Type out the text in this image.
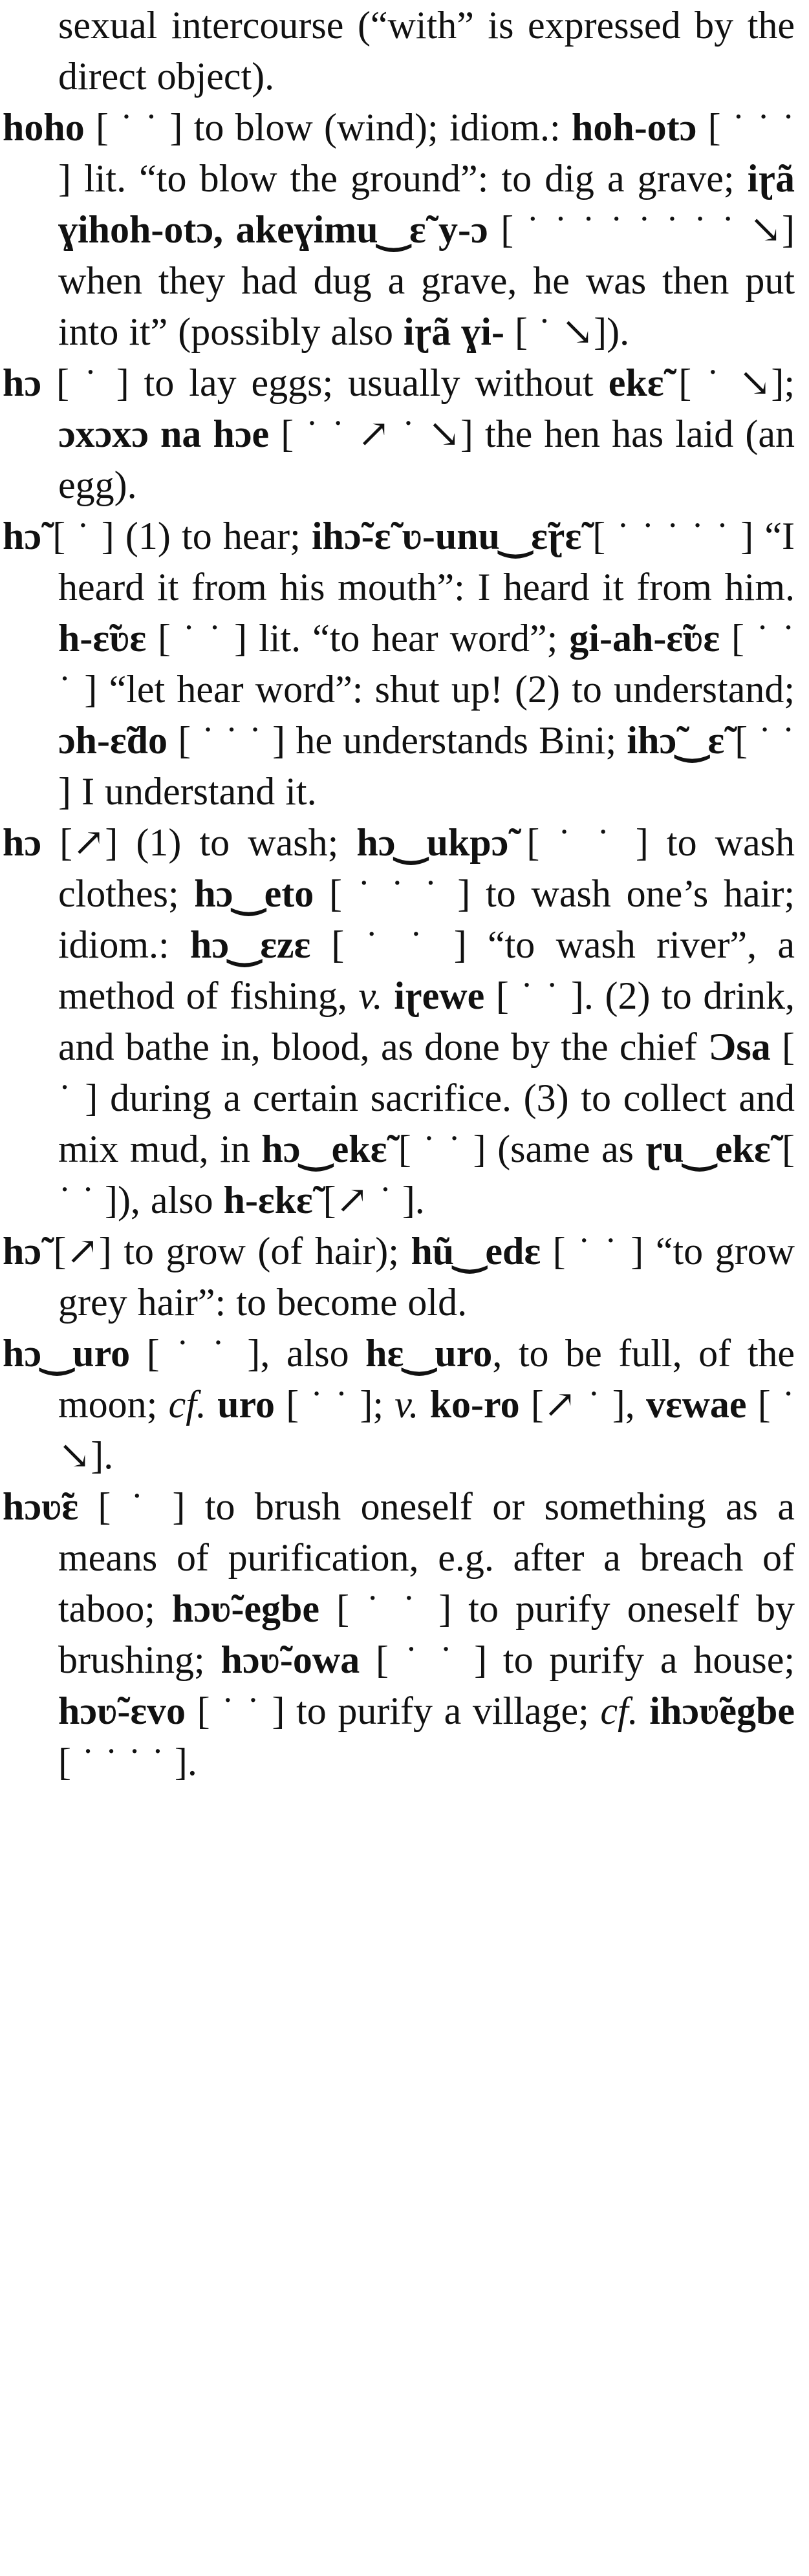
sexual intercourse (“with” is expressed by the direct object).

hoho [ ˙ ˙ ] to blow (wind); idiom.: hoh-otɔ [ ˙ ˙ ˙ ] lit. “to blow the ground”: to dig a grave; iɽã ɣihoh-otɔ, akeɣimu‿ɛ̃ y-ɔ [ ˙ ˙ ˙ ˙ ˙ ˙ ˙ ˙ ↘] when they had dug a grave, he was then put into it” (possibly also iɽã ɣi- [ ˙ ↘]).

hɔ [ ˙ ] to lay eggs; usually without ekɛ̃ [ ˙ ↘]; ɔxɔxɔ na hɔe [ ˙ ˙ ↗ ˙ ↘] the hen has laid (an egg).

hɔ̃ [ ˙ ] (1) to hear; ihɔ̃-ɛ̃ ʋ-unu‿ɛ̃ɽɛ̃ [ ˙ ˙ ˙ ˙ ˙ ] “I heard it from his mouth”: I heard it from him. h-ɛ̃ʋɛ [ ˙ ˙ ] lit. “to hear word”; gi-ah-ɛ̃ʋɛ [ ˙ ˙ ˙ ] “let hear word”: shut up! (2) to understand; ɔh-ɛ̃do [ ˙ ˙ ˙ ] he understands Bini; ihɔ̃‿ɛ̃ [ ˙ ˙ ] I understand it.

hɔ [↗] (1) to wash; hɔ‿ukpɔ̃ [ ˙ ˙ ] to wash clothes; hɔ‿eto [ ˙ ˙ ˙ ] to wash one’s hair; idiom.: hɔ‿ɛzɛ [ ˙ ˙ ] “to wash river”, a method of fishing, v. iɽewe [ ˙ ˙ ]. (2) to drink, and bathe in, blood, as done by the chief Ɔsa [ ˙ ] during a certain sacrifice. (3) to collect and mix mud, in hɔ‿ekɛ̃ [ ˙ ˙ ] (same as ɽu‿ekɛ̃ [ ˙ ˙ ]), also h-ɛkɛ̃ [↗ ˙ ].

hɔ̃ [↗] to grow (of hair); hũ‿edɛ [ ˙ ˙ ] “to grow grey hair”: to become old.

hɔ‿uro [ ˙ ˙ ], also hɛ‿uro, to be full, of the moon; cf. uro [ ˙ ˙ ]; v. ko-ro [↗ ˙ ], vɛwae [ ˙ ↘].

hɔʋ̃ɛ [ ˙ ] to brush oneself or something as a means of purification, e.g. after a breach of taboo; hɔʋ̃-egbe [ ˙ ˙ ] to purify oneself by brushing; hɔʋ̃-owa [ ˙ ˙ ] to purify a house; hɔʋ̃-ɛvo [ ˙ ˙ ] to purify a village; cf. ihɔʋ̃egbe [ ˙ ˙ ˙ ˙ ].
